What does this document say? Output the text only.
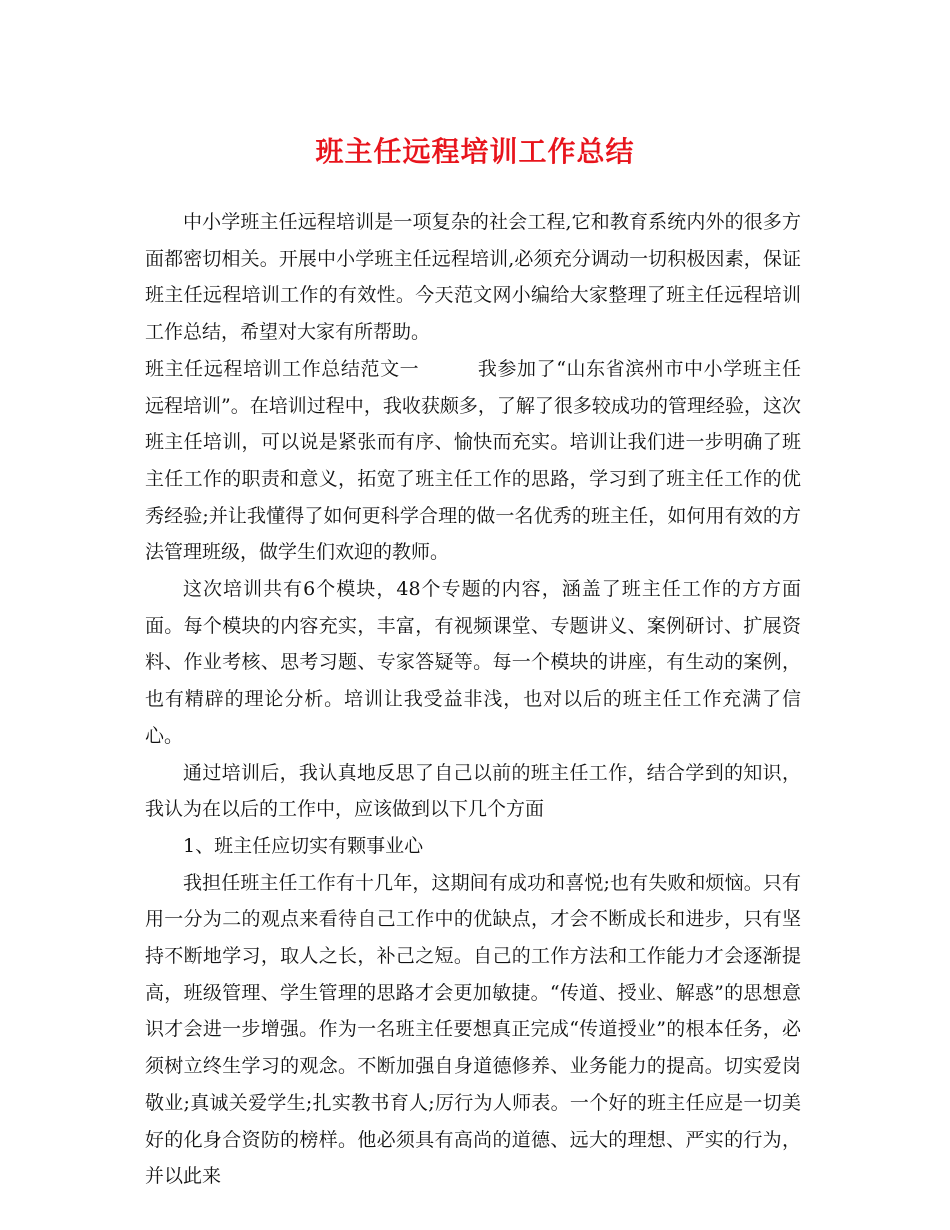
班主任远程培训工作总结

中小学班主任远程培训是一项复杂的社会工程,它和教育系统内外的很多方面都密切相关。开展中小学班主任远程培训,必须充分调动一切积极因素，保证班主任远程培训工作的有效性。今天范文网小编给大家整理了班主任远程培训工作总结，希望对大家有所帮助。

班主任远程培训工作总结范文一	我参加了“山东省滨州市中小学班主任远程培训”。在培训过程中，我收获颇多，了解了很多较成功的管理经验，这次班主任培训，可以说是紧张而有序、愉快而充实。培训让我们进一步明确了班主任工作的职责和意义，拓宽了班主任工作的思路，学习到了班主任工作的优秀经验;并让我懂得了如何更科学合理的做一名优秀的班主任，如何用有效的方法管理班级，做学生们欢迎的教师。

这次培训共有6个模块，48个专题的内容，涵盖了班主任工作的方方面面。每个模块的内容充实，丰富，有视频课堂、专题讲义、案例研讨、扩展资料、作业考核、思考习题、专家答疑等。每一个模块的讲座，有生动的案例，也有精辟的理论分析。培训让我受益非浅，也对以后的班主任工作充满了信心。

通过培训后，我认真地反思了自己以前的班主任工作，结合学到的知识，我认为在以后的工作中，应该做到以下几个方面

1、班主任应切实有颗事业心

我担任班主任工作有十几年，这期间有成功和喜悦;也有失败和烦恼。只有用一分为二的观点来看待自己工作中的优缺点，才会不断成长和进步，只有坚持不断地学习，取人之长，补己之短。自己的工作方法和工作能力才会逐渐提高，班级管理、学生管理的思路才会更加敏捷。“传道、授业、解惑”的思想意识才会进一步增强。作为一名班主任要想真正完成“传道授业”的根本任务，必须树立终生学习的观念。不断加强自身道德修养、业务能力的提高。切实爱岗敬业;真诚关爱学生;扎实教书育人;厉行为人师表。一个好的班主任应是一切美好的化身合资防的榜样。他必须具有高尚的道德、远大的理想、严实的行为，并以此来
